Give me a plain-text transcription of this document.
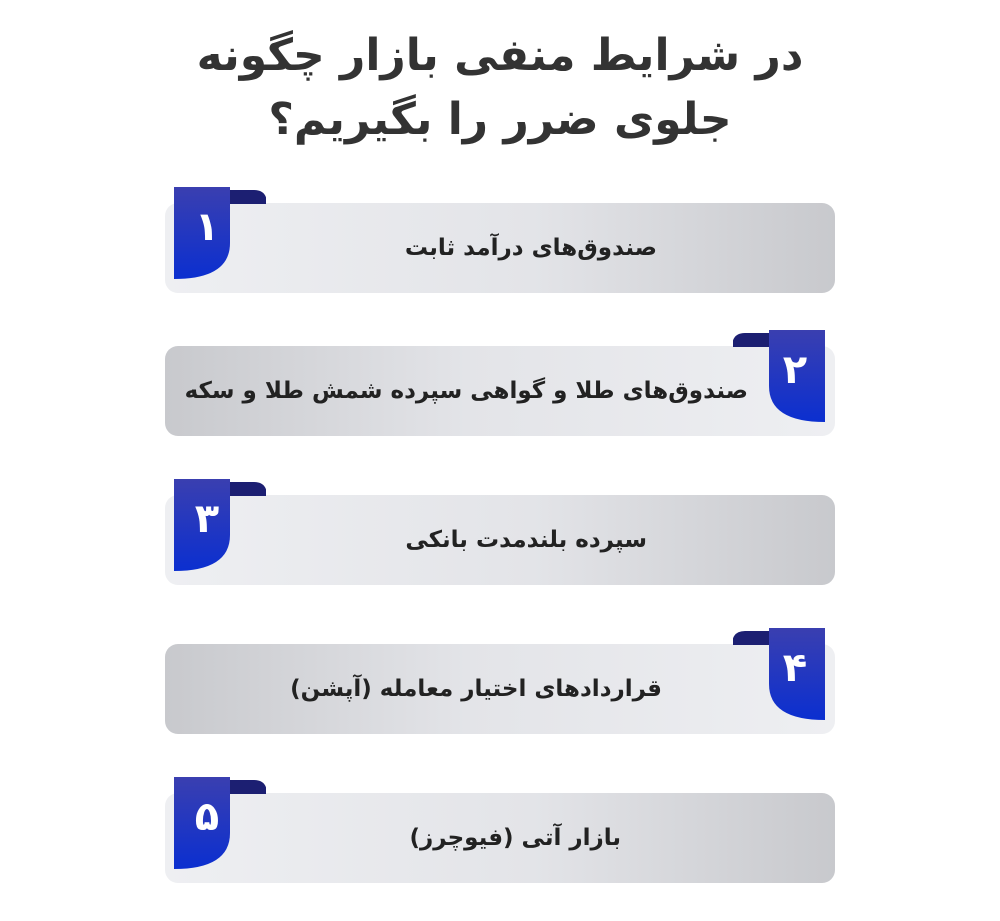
در شرایط منفی بازار چگونه
جلوی ضرر را بگیریم؟
صندوق‌های درآمد ثابت
۱
صندوق‌های طلا و گواهی سپرده شمش طلا و سکه ۲
سپرده بلندمدت بانکی
۳
قراردادهای اختیار معامله (آپشن)	۴
بازار آتی (فیوچرز)
۵
